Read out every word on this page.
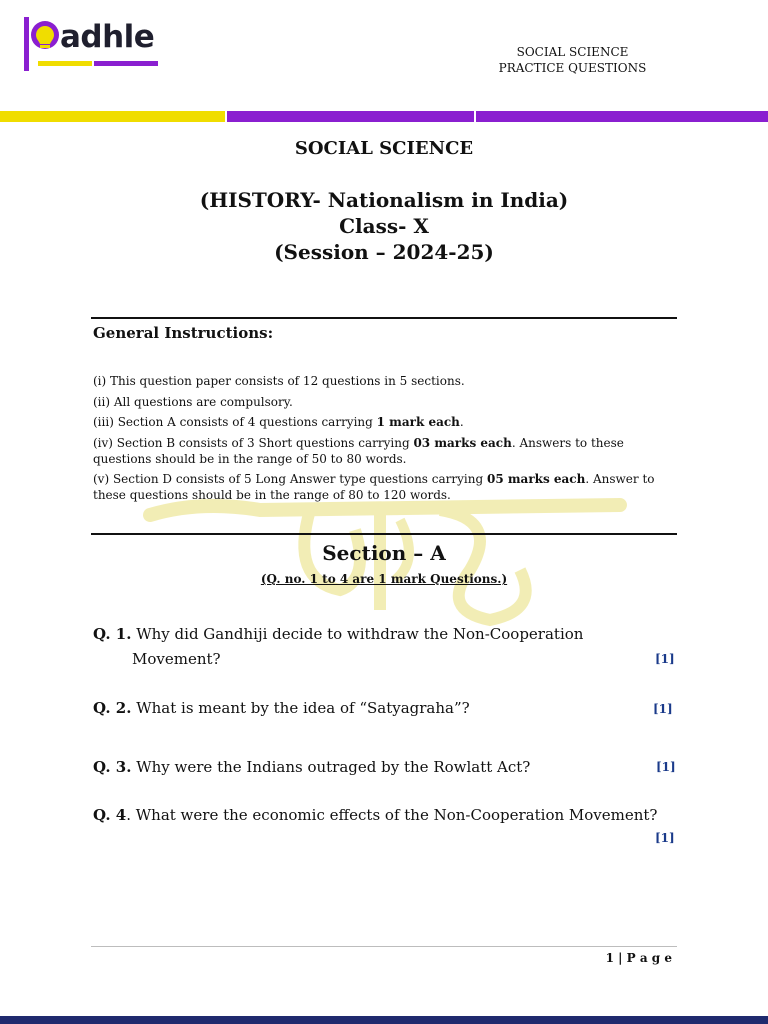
adhle	SOCIAL SCIENCE
PRACTICE QUESTIONS
SOCIAL SCIENCE
(HISTORY- Nationalism in India)
Class- X
(Session – 2024-25)
General Instructions:
(i) This question paper consists of 12 questions in 5 sections.
(ii) All questions are compulsory.
(iii) Section A consists of 4 questions carrying 1 mark each.
(iv) Section B consists of 3 Short questions carrying 03 marks each. Answers to these questions should be in the range of 50 to 80 words.
(v) Section D consists of 5 Long Answer type questions carrying 05 marks each. Answer to these questions should be in the range of 80 to 120 words.
Section – A
(Q. no. 1 to 4 are 1 mark Questions.)
Q. 1. Why did Gandhiji decide to withdraw the Non-Cooperation
Movement?	[1]
Q. 2. What is meant by the idea of “Satyagraha”?	[1]
Q. 3. Why were the Indians outraged by the Rowlatt Act?	[1]
Q. 4. What were the economic effects of the Non-Cooperation Movement?
[1]
1 | P a g e
